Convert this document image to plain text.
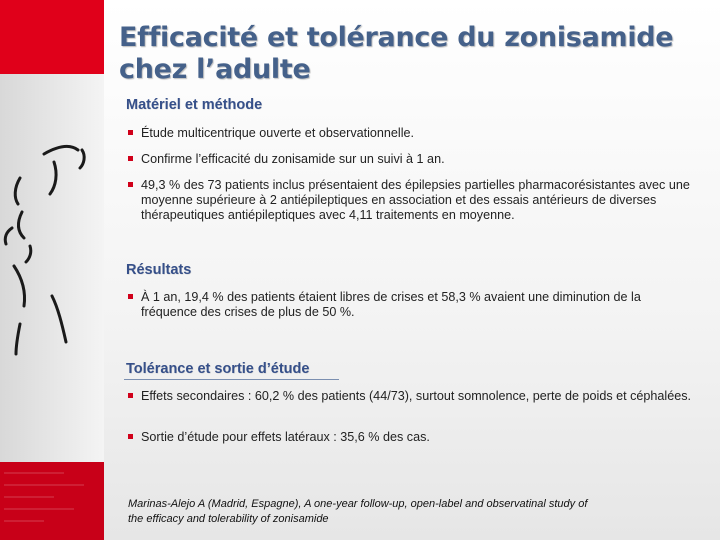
Efficacité et tolérance du zonisamide
chez l’adulte
Matériel et méthode
Étude multicentrique ouverte et observationnelle.
Confirme l’efficacité du zonisamide sur un suivi à 1 an.
49,3 % des 73 patients inclus présentaient des épilepsies partielles pharmacorésistantes avec une moyenne supérieure à 2 antiépileptiques en association et des essais antérieurs de diverses thérapeutiques antiépileptiques avec 4,11 traitements en moyenne.
Résultats
À 1 an, 19,4 % des patients étaient libres de crises et 58,3 % avaient une diminution de la fréquence des crises de plus de 50 %.
Tolérance et sortie d’étude
Effets secondaires : 60,2 % des patients (44/73), surtout somnolence, perte de poids et céphalées.
Sortie d’étude pour effets latéraux : 35,6 % des cas.
Marinas-Alejo A (Madrid, Espagne), A one-year follow-up, open-label and observatinal study of
the efficacy and tolerability of zonisamide
